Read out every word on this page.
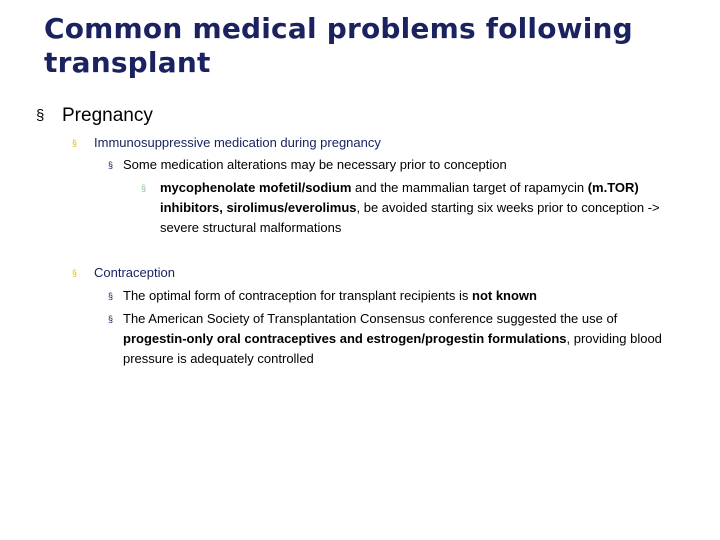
Common medical problems following transplant
§ Pregnancy
§	Immunosuppressive medication during pregnancy
§ Some medication alterations may be necessary prior to conception
§	mycophenolate mofetil/sodium and the mammalian target of rapamycin (m.TOR) inhibitors, sirolimus/everolimus, be avoided starting six weeks prior to conception -> severe structural malformations
§	Contraception
§ The optimal form of contraception for transplant recipients is not known
§ The American Society of Transplantation Consensus conference suggested the use of progestin-only oral contraceptives and estrogen/progestin formulations, providing blood pressure is adequately controlled
